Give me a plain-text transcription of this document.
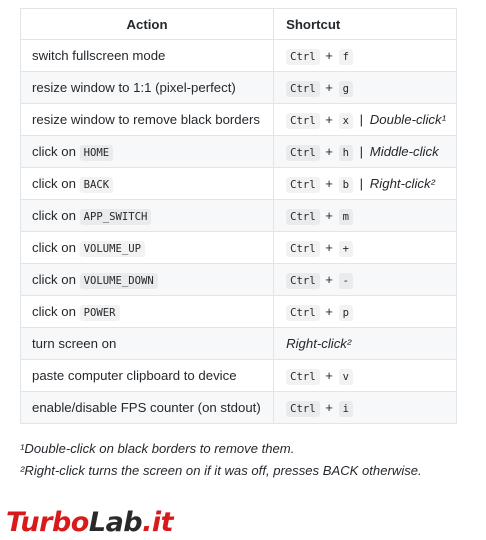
Action	Shortcut
switch fullscreen mode	Ctrl + f
resize window to 1:1 (pixel-perfect)	Ctrl + g
resize window to remove black borders	Ctrl + x | Double-click¹
click on HOME	Ctrl + h | Middle-click
click on BACK	Ctrl + b | Right-click²
click on APP_SWITCH	Ctrl + m
click on VOLUME_UP	Ctrl + +
click on VOLUME_DOWN	Ctrl + -
click on POWER	Ctrl + p
turn screen on	Right-click²
paste computer clipboard to device	Ctrl + v
enable/disable FPS counter (on stdout)	Ctrl + i
¹Double-click on black borders to remove them.
²Right-click turns the screen on if it was off, presses BACK otherwise.
TurboLab.it
